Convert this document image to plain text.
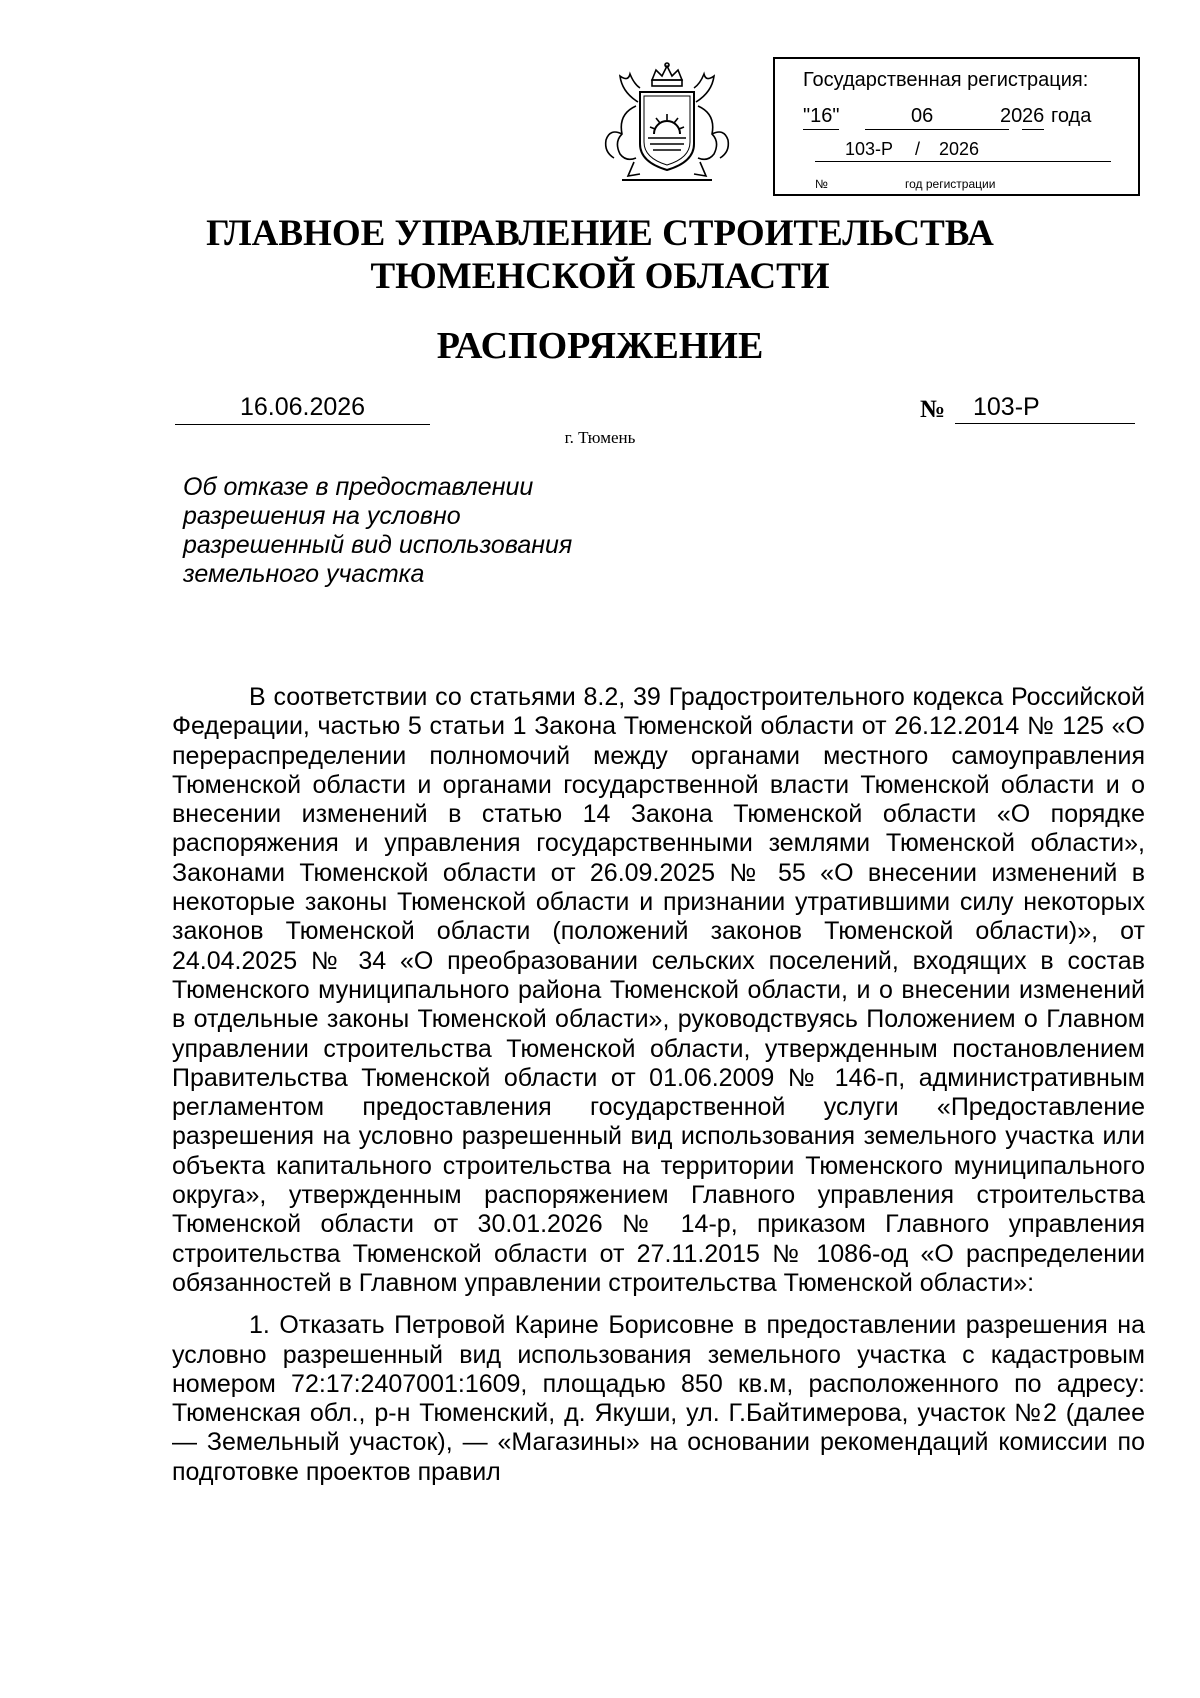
Государственная регистрация:
"16"	06	20 26 года
103-Р / 2026
№	год регистрации
ГЛАВНОЕ УПРАВЛЕНИЕ СТРОИТЕЛЬСТВА
ТЮМЕНСКОЙ ОБЛАСТИ
РАСПОРЯЖЕНИЕ
16.06.2026	№	103-Р
г. Тюмень
Об отказе в предоставлении
разрешения на условно
разрешенный вид использования
земельного участка

В соответствии со статьями 8.2, 39 Градостроительного кодекса Российской Федерации, частью 5 статьи 1 Закона Тюменской области от 26.12.2014 № 125 «О перераспределении полномочий между органами местного самоуправления Тюменской области и органами государственной власти Тюменской области и о внесении изменений в статью 14 Закона Тюменской области «О порядке распоряжения и управления государственными землями Тюменской области», Законами Тюменской области от 26.09.2025 № 55 «О внесении изменений в некоторые законы Тюменской области и признании утратившими силу некоторых законов Тюменской области (положений законов Тюменской области)», от 24.04.2025 № 34 «О преобразовании сельских поселений, входящих в состав Тюменского муниципального района Тюменской области, и о внесении изменений в отдельные законы Тюменской области», руководствуясь Положением о Главном управлении строительства Тюменской области, утвержденным постановлением Правительства Тюменской области от 01.06.2009 № 146-п, административным регламентом предоставления государственной услуги «Предоставление разрешения на условно разрешенный вид использования земельного участка или объекта капитального строительства на территории Тюменского муниципального округа», утвержденным распоряжением Главного управления строительства Тюменской области от 30.01.2026 № 14-р, приказом Главного управления строительства Тюменской области от 27.11.2015 № 1086-од «О распределении обязанностей в Главном управлении строительства Тюменской области»:

1. Отказать Петровой Карине Борисовне в предоставлении разрешения на условно разрешенный вид использования земельного участка с кадастровым номером 72:17:2407001:1609, площадью 850 кв.м, расположенного по адресу: Тюменская обл., р-н Тюменский, д. Якуши, ул. Г.Байтимерова, участок №2 (далее — Земельный участок), — «Магазины» на основании рекомендаций комиссии по подготовке проектов правил
